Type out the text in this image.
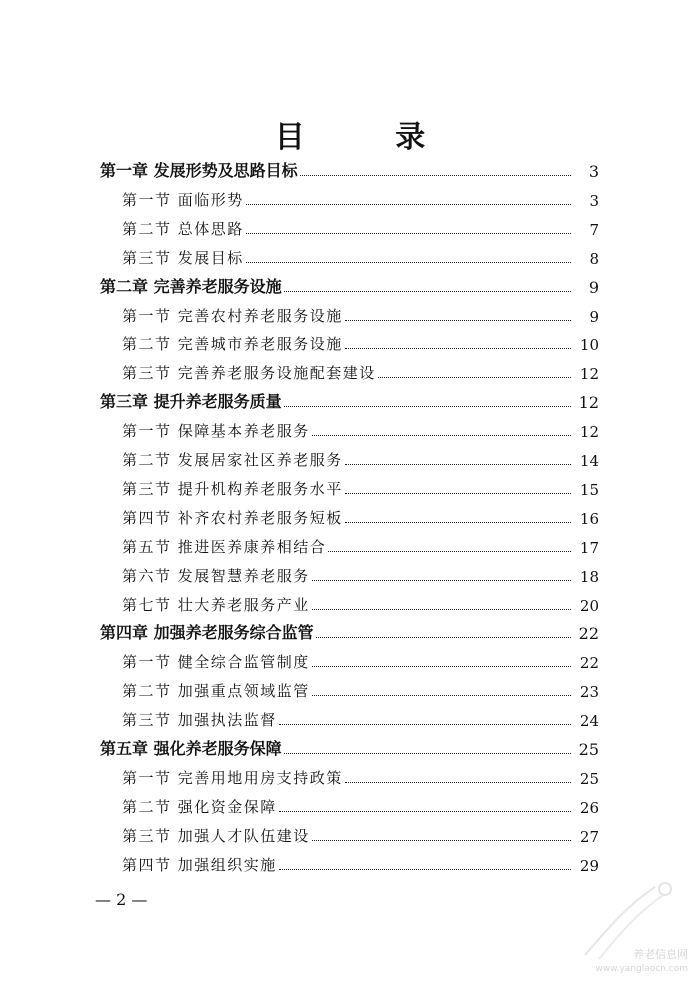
目 录
第一章 发展形势及思路目标	3
第一节 面临形势	3
第二节 总体思路	7
第三节 发展目标	8
第二章 完善养老服务设施	9
第一节 完善农村养老服务设施	9
第二节 完善城市养老服务设施	10
第三节 完善养老服务设施配套建设	12
第三章 提升养老服务质量	12
第一节 保障基本养老服务	12
第二节 发展居家社区养老服务	14
第三节 提升机构养老服务水平	15
第四节 补齐农村养老服务短板	16
第五节 推进医养康养相结合	17
第六节 发展智慧养老服务	18
第七节 壮大养老服务产业	20
第四章 加强养老服务综合监管	22
第一节 健全综合监管制度	22
第二节 加强重点领域监管	23
第三节 加强执法监督	24
第五章 强化养老服务保障	25
第一节 完善用地用房支持政策	25
第二节 强化资金保障	26
第三节 加强人才队伍建设	27
第四节 加强组织实施	29
— 2 —
养老信息网
www.yanglaocn.com
